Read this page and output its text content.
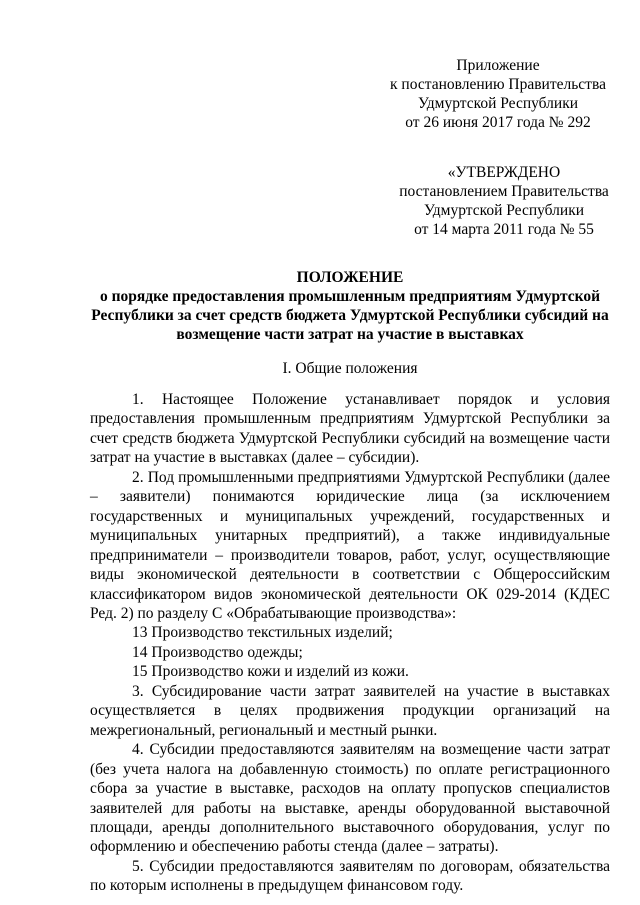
Приложение
к постановлению Правительства
Удмуртской Республики
от 26 июня 2017 года № 292
«УТВЕРЖДЕНО
постановлением Правительства
Удмуртской Республики
от 14 марта 2011 года № 55
ПОЛОЖЕНИЕ
о порядке предоставления промышленным предприятиям Удмуртской
Республики за счет средств бюджета Удмуртской Республики субсидий на
возмещение части затрат на участие в выставках
I. Общие положения

1. Настоящее Положение устанавливает порядок и условия предоставления промышленным предприятиям Удмуртской Республики за счет средств бюджета Удмуртской Республики субсидий на возмещение части затрат на участие в выставках (далее – субсидии).

2. Под промышленными предприятиями Удмуртской Республики (далее – заявители) понимаются юридические лица (за исключением государственных и муниципальных учреждений, государственных и муниципальных унитарных предприятий), а также индивидуальные предприниматели – производители товаров, работ, услуг, осуществляющие виды экономической деятельности в соответствии с Общероссийским классификатором видов экономической деятельности ОК 029-2014 (КДЕС Ред. 2) по разделу С «Обрабатывающие производства»:

13 Производство текстильных изделий;

14 Производство одежды;

15 Производство кожи и изделий из кожи.

3. Субсидирование части затрат заявителей на участие в выставках осуществляется в целях продвижения продукции организаций на межрегиональный, региональный и местный рынки.

4. Субсидии предоставляются заявителям на возмещение части затрат (без учета налога на добавленную стоимость) по оплате регистрационного сбора за участие в выставке, расходов на оплату пропусков специалистов заявителей для работы на выставке, аренды оборудованной выставочной площади, аренды дополнительного выставочного оборудования, услуг по оформлению и обеспечению работы стенда (далее – затраты).

5. Субсидии предоставляются заявителям по договорам, обязательства по которым исполнены в предыдущем финансовом году.
